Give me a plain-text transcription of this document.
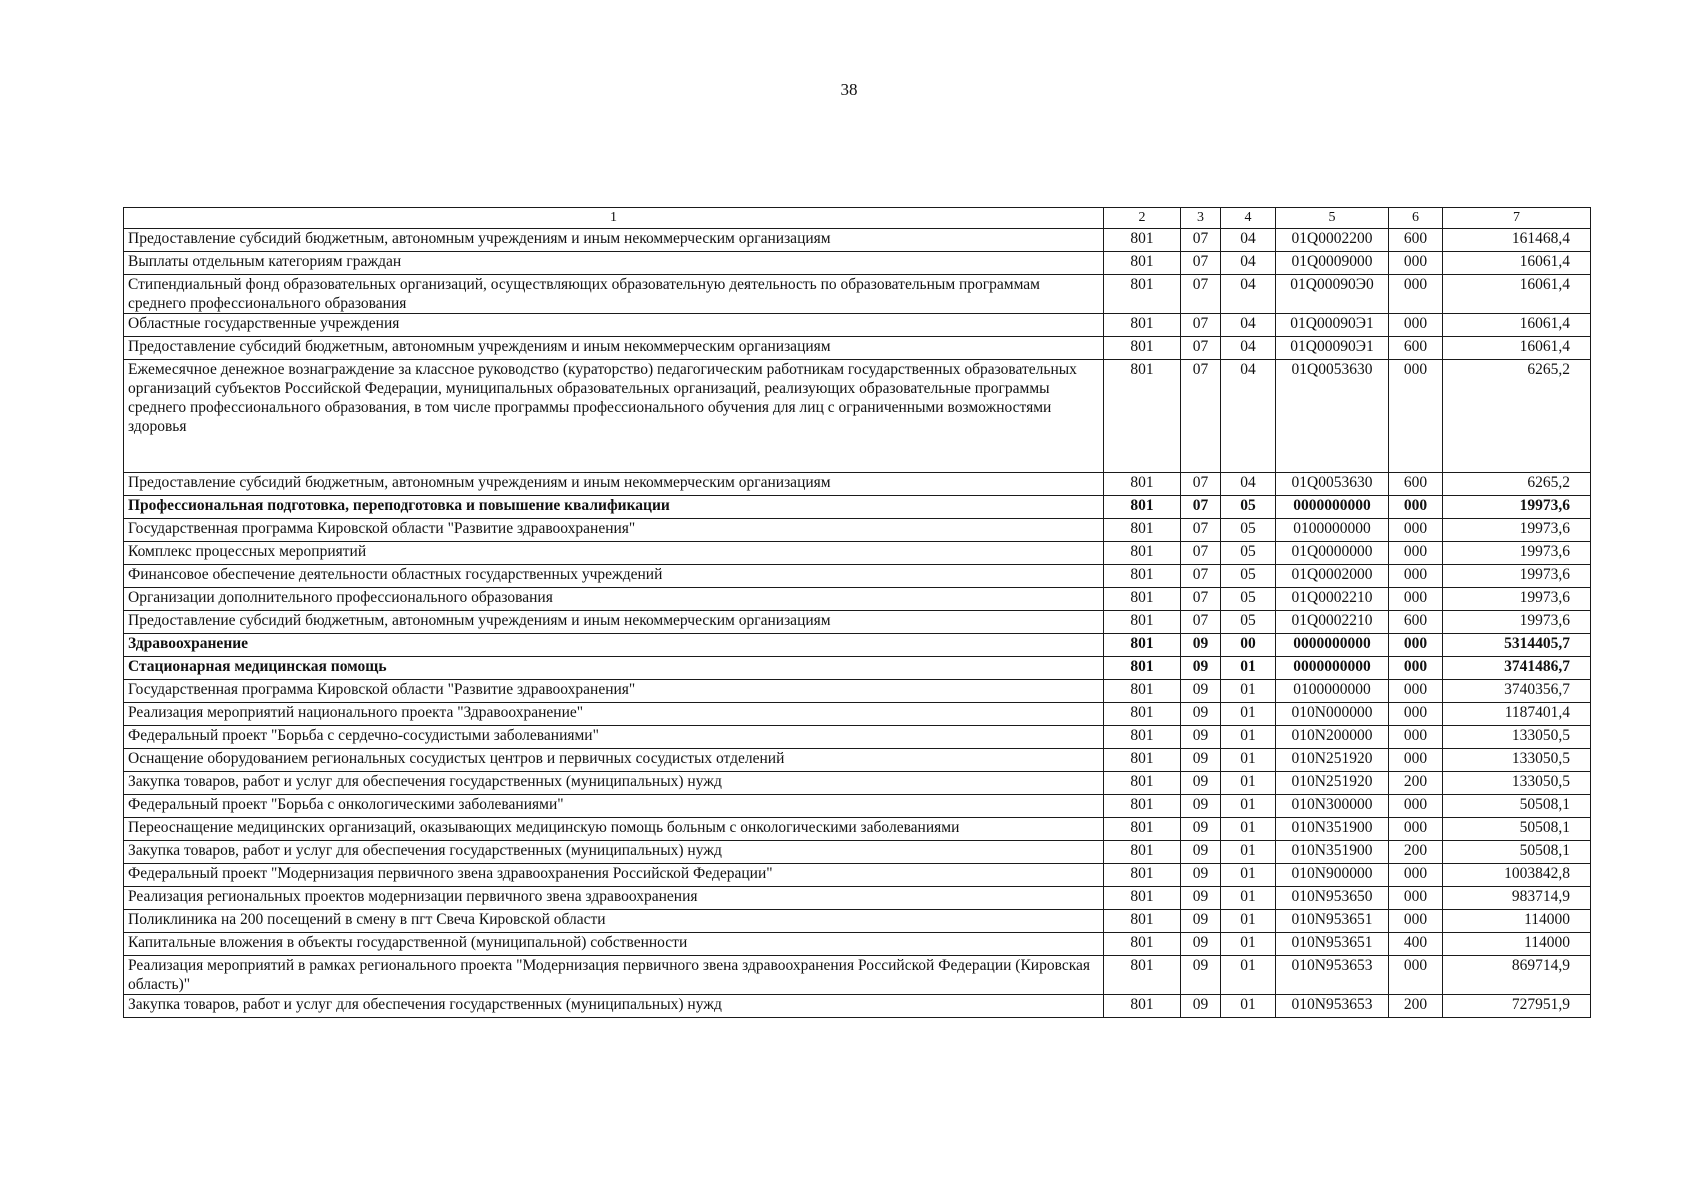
38
1	2	3	4	5	6	7
Предоставление субсидий бюджетным, автономным учреждениям и иным некоммерческим организациям	801	07	04	01Q0002200	600	161468,4
Выплаты отдельным категориям граждан	801	07	04	01Q0009000	000	16061,4
Стипендиальный фонд образовательных организаций, осуществляющих образовательную деятельность по образовательным программам среднего профессионального образования	801	07	04	01Q00090Э0	000	16061,4
Областные государственные учреждения	801	07	04	01Q00090Э1	000	16061,4
Предоставление субсидий бюджетным, автономным учреждениям и иным некоммерческим организациям	801	07	04	01Q00090Э1	600	16061,4
Ежемесячное денежное вознаграждение за классное руководство (кураторство) педагогическим работникам государственных образовательных организаций субъектов Российской Федерации, муниципальных образовательных организаций, реализующих образовательные программы среднего профессионального образования, в том числе программы профессионального обучения для лиц с ограниченными возможностями здоровья	801	07	04	01Q0053630	000	6265,2
Предоставление субсидий бюджетным, автономным учреждениям и иным некоммерческим организациям	801	07	04	01Q0053630	600	6265,2
Профессиональная подготовка, переподготовка и повышение квалификации	801	07	05	0000000000	000	19973,6
Государственная программа Кировской области "Развитие здравоохранения"	801	07	05	0100000000	000	19973,6
Комплекс процессных мероприятий	801	07	05	01Q0000000	000	19973,6
Финансовое обеспечение деятельности областных государственных учреждений	801	07	05	01Q0002000	000	19973,6
Организации дополнительного профессионального образования	801	07	05	01Q0002210	000	19973,6
Предоставление субсидий бюджетным, автономным учреждениям и иным некоммерческим организациям	801	07	05	01Q0002210	600	19973,6
Здравоохранение	801	09	00	0000000000	000	5314405,7
Стационарная медицинская помощь	801	09	01	0000000000	000	3741486,7
Государственная программа Кировской области "Развитие здравоохранения"	801	09	01	0100000000	000	3740356,7
Реализация мероприятий национального проекта "Здравоохранение"	801	09	01	010N000000	000	1187401,4
Федеральный проект "Борьба с сердечно-сосудистыми заболеваниями"	801	09	01	010N200000	000	133050,5
Оснащение оборудованием региональных сосудистых центров и первичных сосудистых отделений	801	09	01	010N251920	000	133050,5
Закупка товаров, работ и услуг для обеспечения государственных (муниципальных) нужд	801	09	01	010N251920	200	133050,5
Федеральный проект "Борьба с онкологическими заболеваниями"	801	09	01	010N300000	000	50508,1
Переоснащение медицинских организаций, оказывающих медицинскую помощь больным с онкологическими заболеваниями	801	09	01	010N351900	000	50508,1
Закупка товаров, работ и услуг для обеспечения государственных (муниципальных) нужд	801	09	01	010N351900	200	50508,1
Федеральный проект "Модернизация первичного звена здравоохранения Российской Федерации"	801	09	01	010N900000	000	1003842,8
Реализация региональных проектов модернизации первичного звена здравоохранения	801	09	01	010N953650	000	983714,9
Поликлиника на 200 посещений в смену в пгт Свеча Кировской области	801	09	01	010N953651	000	114000
Капитальные вложения в объекты государственной (муниципальной) собственности	801	09	01	010N953651	400	114000
Реализация мероприятий в рамках регионального проекта "Модернизация первичного звена здравоохранения Российской Федерации (Кировская область)"	801	09	01	010N953653	000	869714,9
Закупка товаров, работ и услуг для обеспечения государственных (муниципальных) нужд	801	09	01	010N953653	200	727951,9
